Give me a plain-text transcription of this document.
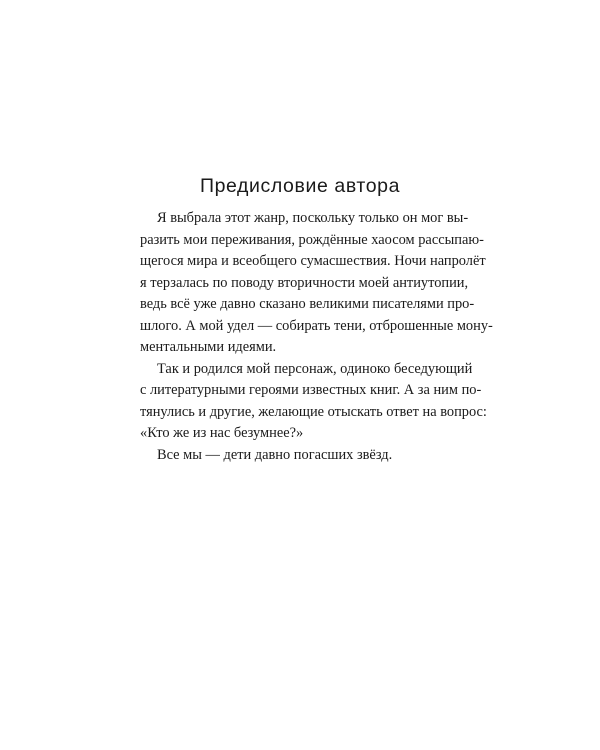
Предисловие автора
Я выбрала этот жанр, поскольку только он мог вы-
разить мои переживания, рождённые хаосом рассыпаю-
щегося мира и всеобщего сумасшествия. Ночи напролёт
я терзалась по поводу вторичности моей антиутопии,
ведь всё уже давно сказано великими писателями про-
шлого. А мой удел — собирать тени, отброшенные мону-
ментальными идеями.
Так и родился мой персонаж, одиноко беседующий
с литературными героями известных книг. А за ним по-
тянулись и другие, желающие отыскать ответ на вопрос:
«Кто же из нас безумнее?»
Все мы — дети давно погасших звёзд.
